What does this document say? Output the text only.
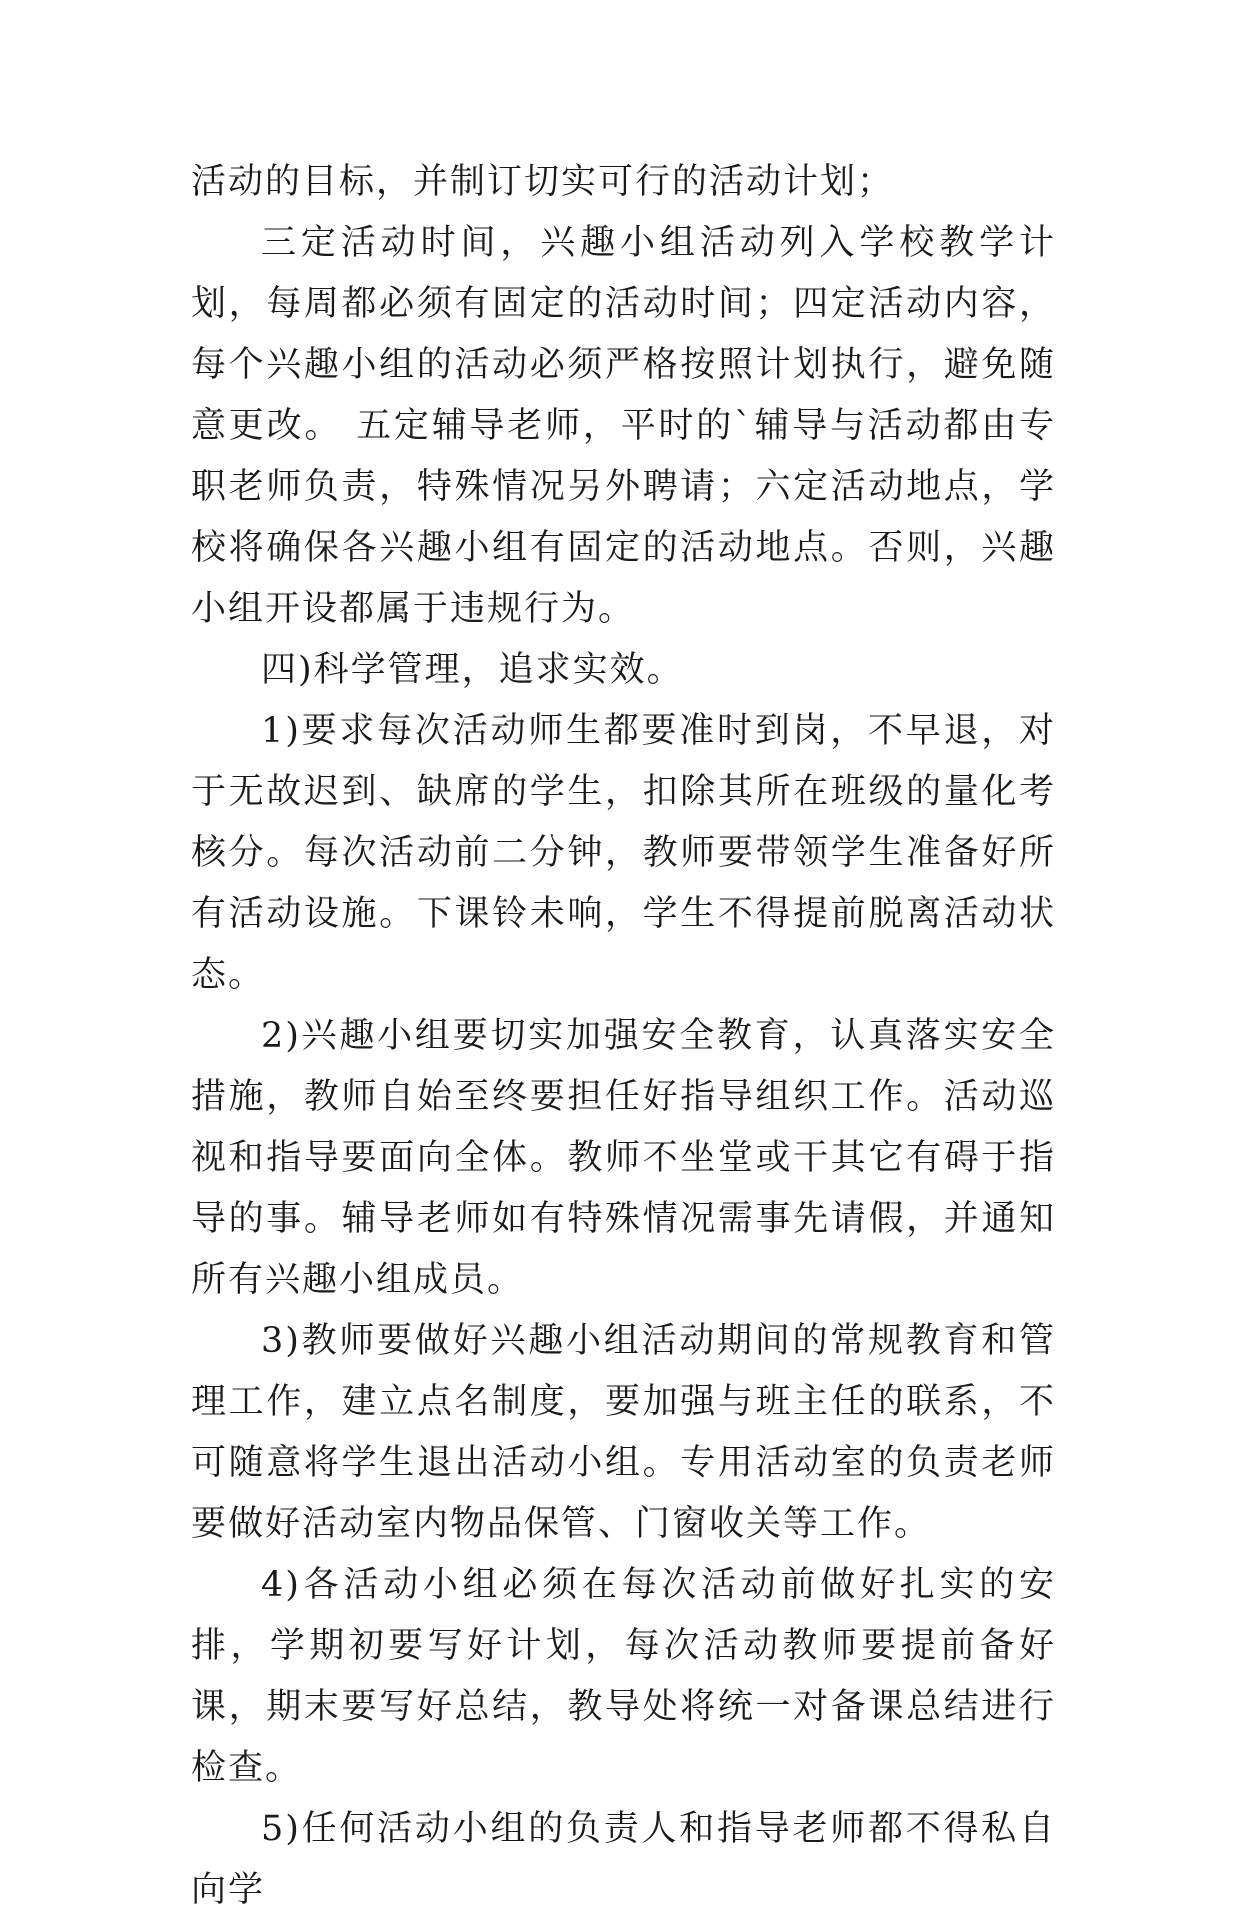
活动的目标，并制订切实可行的活动计划；

三定活动时间，兴趣小组活动列入学校教学计划，每周都必须有固定的活动时间；四定活动内容，每个兴趣小组的活动必须严格按照计划执行，避免随意更改。 五定辅导老师，平时的`辅导与活动都由专职老师负责，特殊情况另外聘请；六定活动地点，学校将确保各兴趣小组有固定的活动地点。否则，兴趣小组开设都属于违规行为。

四)科学管理，追求实效。

1)要求每次活动师生都要准时到岗，不早退，对于无故迟到、缺席的学生，扣除其所在班级的量化考核分。每次活动前二分钟，教师要带领学生准备好所有活动设施。下课铃未响，学生不得提前脱离活动状态。

2)兴趣小组要切实加强安全教育，认真落实安全措施，教师自始至终要担任好指导组织工作。活动巡视和指导要面向全体。教师不坐堂或干其它有碍于指导的事。辅导老师如有特殊情况需事先请假，并通知所有兴趣小组成员。

3)教师要做好兴趣小组活动期间的常规教育和管理工作，建立点名制度，要加强与班主任的联系，不可随意将学生退出活动小组。专用活动室的负责老师要做好活动室内物品保管、门窗收关等工作。

4)各活动小组必须在每次活动前做好扎实的安排，学期初要写好计划，每次活动教师要提前备好课，期末要写好总结，教导处将统一对备课总结进行检查。

5)任何活动小组的负责人和指导老师都不得私自向学
